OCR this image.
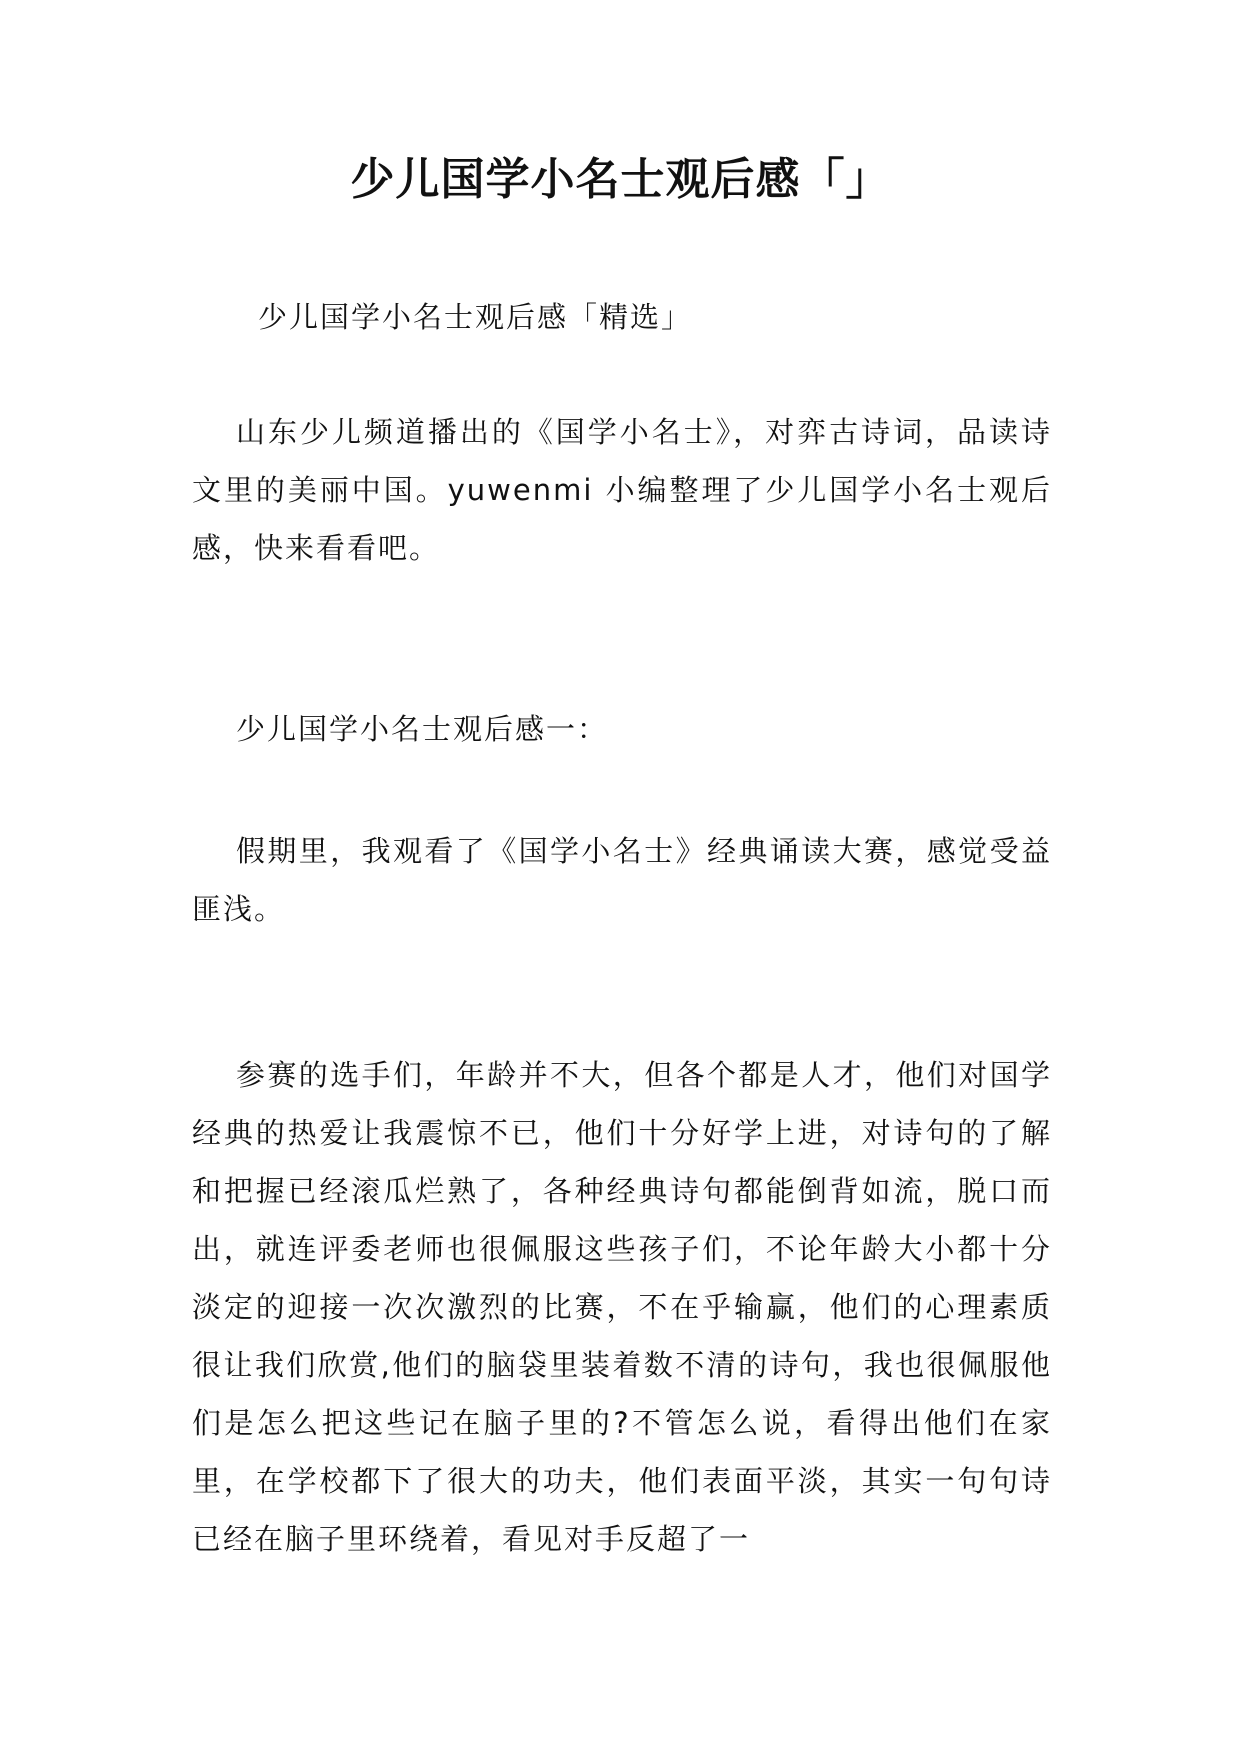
少儿国学小名士观后感「」
少儿国学小名士观后感「精选」

山东少儿频道播出的《国学小名士》，对弈古诗词，品读诗文里的美丽中国。yuwenmi 小编整理了少儿国学小名士观后感，快来看看吧。

少儿国学小名士观后感一：

假期里，我观看了《国学小名士》经典诵读大赛，感觉受益匪浅。

参赛的选手们，年龄并不大，但各个都是人才，他们对国学经典的热爱让我震惊不已，他们十分好学上进，对诗句的了解和把握已经滚瓜烂熟了，各种经典诗句都能倒背如流，脱口而出，就连评委老师也很佩服这些孩子们，不论年龄大小都十分淡定的迎接一次次激烈的比赛，不在乎输赢，他们的心理素质很让我们欣赏,他们的脑袋里装着数不清的诗句，我也很佩服他们是怎么把这些记在脑子里的?不管怎么说，看得出他们在家里，在学校都下了很大的功夫，他们表面平淡，其实一句句诗已经在脑子里环绕着，看见对手反超了一
